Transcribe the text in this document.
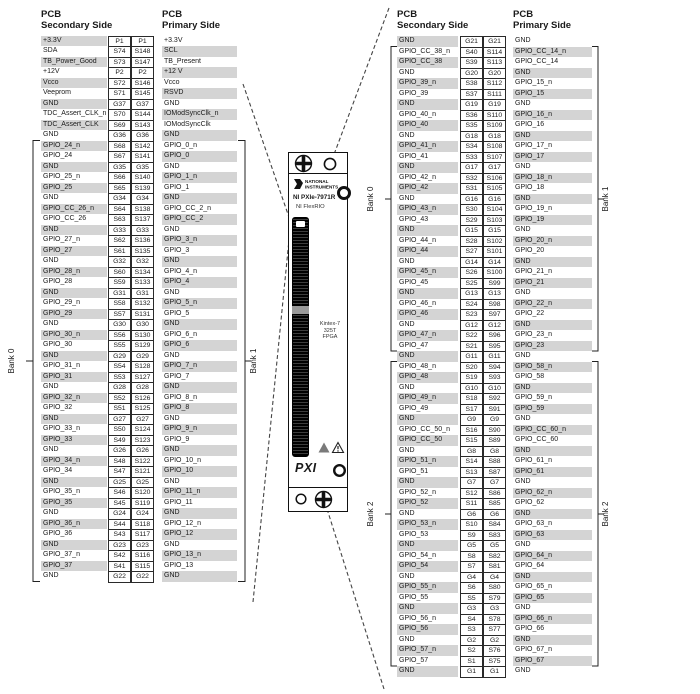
PCB
Secondary Side
PCB
Primary Side
PCB
Secondary Side
PCB
Primary Side
+3.3V
SDA
TB_Power_Good
+12V
Vcco
Veeprom
GND
TDC_Assert_CLK_n
TDC_Assert_CLK
GND
GPIO_24_n
GPIO_24
GND
GPIO_25_n
GPIO_25
GND
GPIO_CC_26_n
GPIO_CC_26
GND
GPIO_27_n
GPIO_27
GND
GPIO_28_n
GPIO_28
GND
GPIO_29_n
GPIO_29
GND
GPIO_30_n
GPIO_30
GND
GPIO_31_n
GPIO_31
GND
GPIO_32_n
GPIO_32
GND
GPIO_33_n
GPIO_33
GND
GPIO_34_n
GPIO_34
GND
GPIO_35_n
GPIO_35
GND
GPIO_36_n
GPIO_36
GND
GPIO_37_n
GPIO_37
GND
P1
S74
S73
P2
S72
S71
G37
S70
S69
G36
S68
S67
G35
S66
S65
G34
S64
S63
G33
S62
S61
G32
S60
S59
G31
S58
S57
G30
S56
S55
G29
S54
S53
G28
S52
S51
G27
S50
S49
G26
S48
S47
G25
S46
S45
G24
S44
S43
G23
S42
S41
G22
P1
S148
S147
P2
S146
S145
G37
S144
S143
G36
S142
S141
G35
S140
S139
G34
S138
S137
G33
S136
S135
G32
S134
S133
G31
S132
S131
G30
S130
S129
G29
S128
S127
G28
S126
S125
G27
S124
S123
G26
S122
S121
G25
S120
S119
G24
S118
S117
G23
S116
S115
G22
+3.3V
SCL
TB_Present
+12 V
Vcco
RSVD
GND
IOModSyncClk_n
IOModSyncClk
GND
GPIO_0_n
GPIO_0
GND
GPIO_1_n
GPIO_1
GND
GPIO_CC_2_n
GPIO_CC_2
GND
GPIO_3_n
GPIO_3
GND
GPIO_4_n
GPIO_4
GND
GPIO_5_n
GPIO_5
GND
GPIO_6_n
GPIO_6
GND
GPIO_7_n
GPIO_7
GND
GPIO_8_n
GPIO_8
GND
GPIO_9_n
GPIO_9
GND
GPIO_10_n
GPIO_10
GND
GPIO_11_n
GPIO_11
GND
GPIO_12_n
GPIO_12
GND
GPIO_13_n
GPIO_13
GND
GND
GPIO_CC_38_n
GPIO_CC_38
GND
GPIO_39_n
GPIO_39
GND
GPIO_40_n
GPIO_40
GND
GPIO_41_n
GPIO_41
GND
GPIO_42_n
GPIO_42
GND
GPIO_43_n
GPIO_43
GND
GPIO_44_n
GPIO_44
GND
GPIO_45_n
GPIO_45
GND
GPIO_46_n
GPIO_46
GND
GPIO_47_n
GPIO_47
GND
GPIO_48_n
GPIO_48
GND
GPIO_49_n
GPIO_49
GND
GPIO_CC_50_n
GPIO_CC_50
GND
GPIO_51_n
GPIO_51
GND
GPIO_52_n
GPIO_52
GND
GPIO_53_n
GPIO_53
GND
GPIO_54_n
GPIO_54
GND
GPIO_55_n
GPIO_55
GND
GPIO_56_n
GPIO_56
GND
GPIO_57_n
GPIO_57
GND
G21
S40
S39
G20
S38
S37
G19
S36
S35
G18
S34
S33
G17
S32
S31
G16
S30
S29
G15
S28
S27
G14
S26
S25
G13
S24
S23
G12
S22
S21
G11
S20
S19
G10
S18
S17
G9
S16
S15
G8
S14
S13
G7
S12
S11
G6
S10
S9
G5
S8
S7
G4
S6
S5
G3
S4
S3
G2
S2
S1
G1
G21
S114
S113
G20
S112
S111
G19
S110
S109
G18
S108
S107
G17
S106
S105
G16
S104
S103
G15
S102
S101
G14
S100
S99
G13
S98
S97
G12
S96
S95
G11
S94
S93
G10
S92
S91
G9
S90
S89
G8
S88
S87
G7
S86
S85
G6
S84
S83
G5
S82
S81
G4
S80
S79
G3
S78
S77
G2
S76
S75
G1
GND
GPIO_CC_14_n
GPIO_CC_14
GND
GPIO_15_n
GPIO_15
GND
GPIO_16_n
GPIO_16
GND
GPIO_17_n
GPIO_17
GND
GPIO_18_n
GPIO_18
GND
GPIO_19_n
GPIO_19
GND
GPIO_20_n
GPIO_20
GND
GPIO_21_n
GPIO_21
GND
GPIO_22_n
GPIO_22
GND
GPIO_23_n
GPIO_23
GND
GPIO_58_n
GPIO_58
GND
GPIO_59_n
GPIO_59
GND
GPIO_CC_60_n
GPIO_CC_60
GND
GPIO_61_n
GPIO_61
GND
GPIO_62_n
GPIO_62
GND
GPIO_63_n
GPIO_63
GND
GPIO_64_n
GPIO_64
GND
GPIO_65_n
GPIO_65
GND
GPIO_66_n
GPIO_66
GND
GPIO_67_n
GPIO_67
GND
Bank 0	Bank 1
Bank 0
Bank 2
Bank 1
Bank 2
NATIONAL
INSTRUMENTS
NI PXIe-7971R
NI FlexRIO
Kintex-7
325T
FPGA
PXI
